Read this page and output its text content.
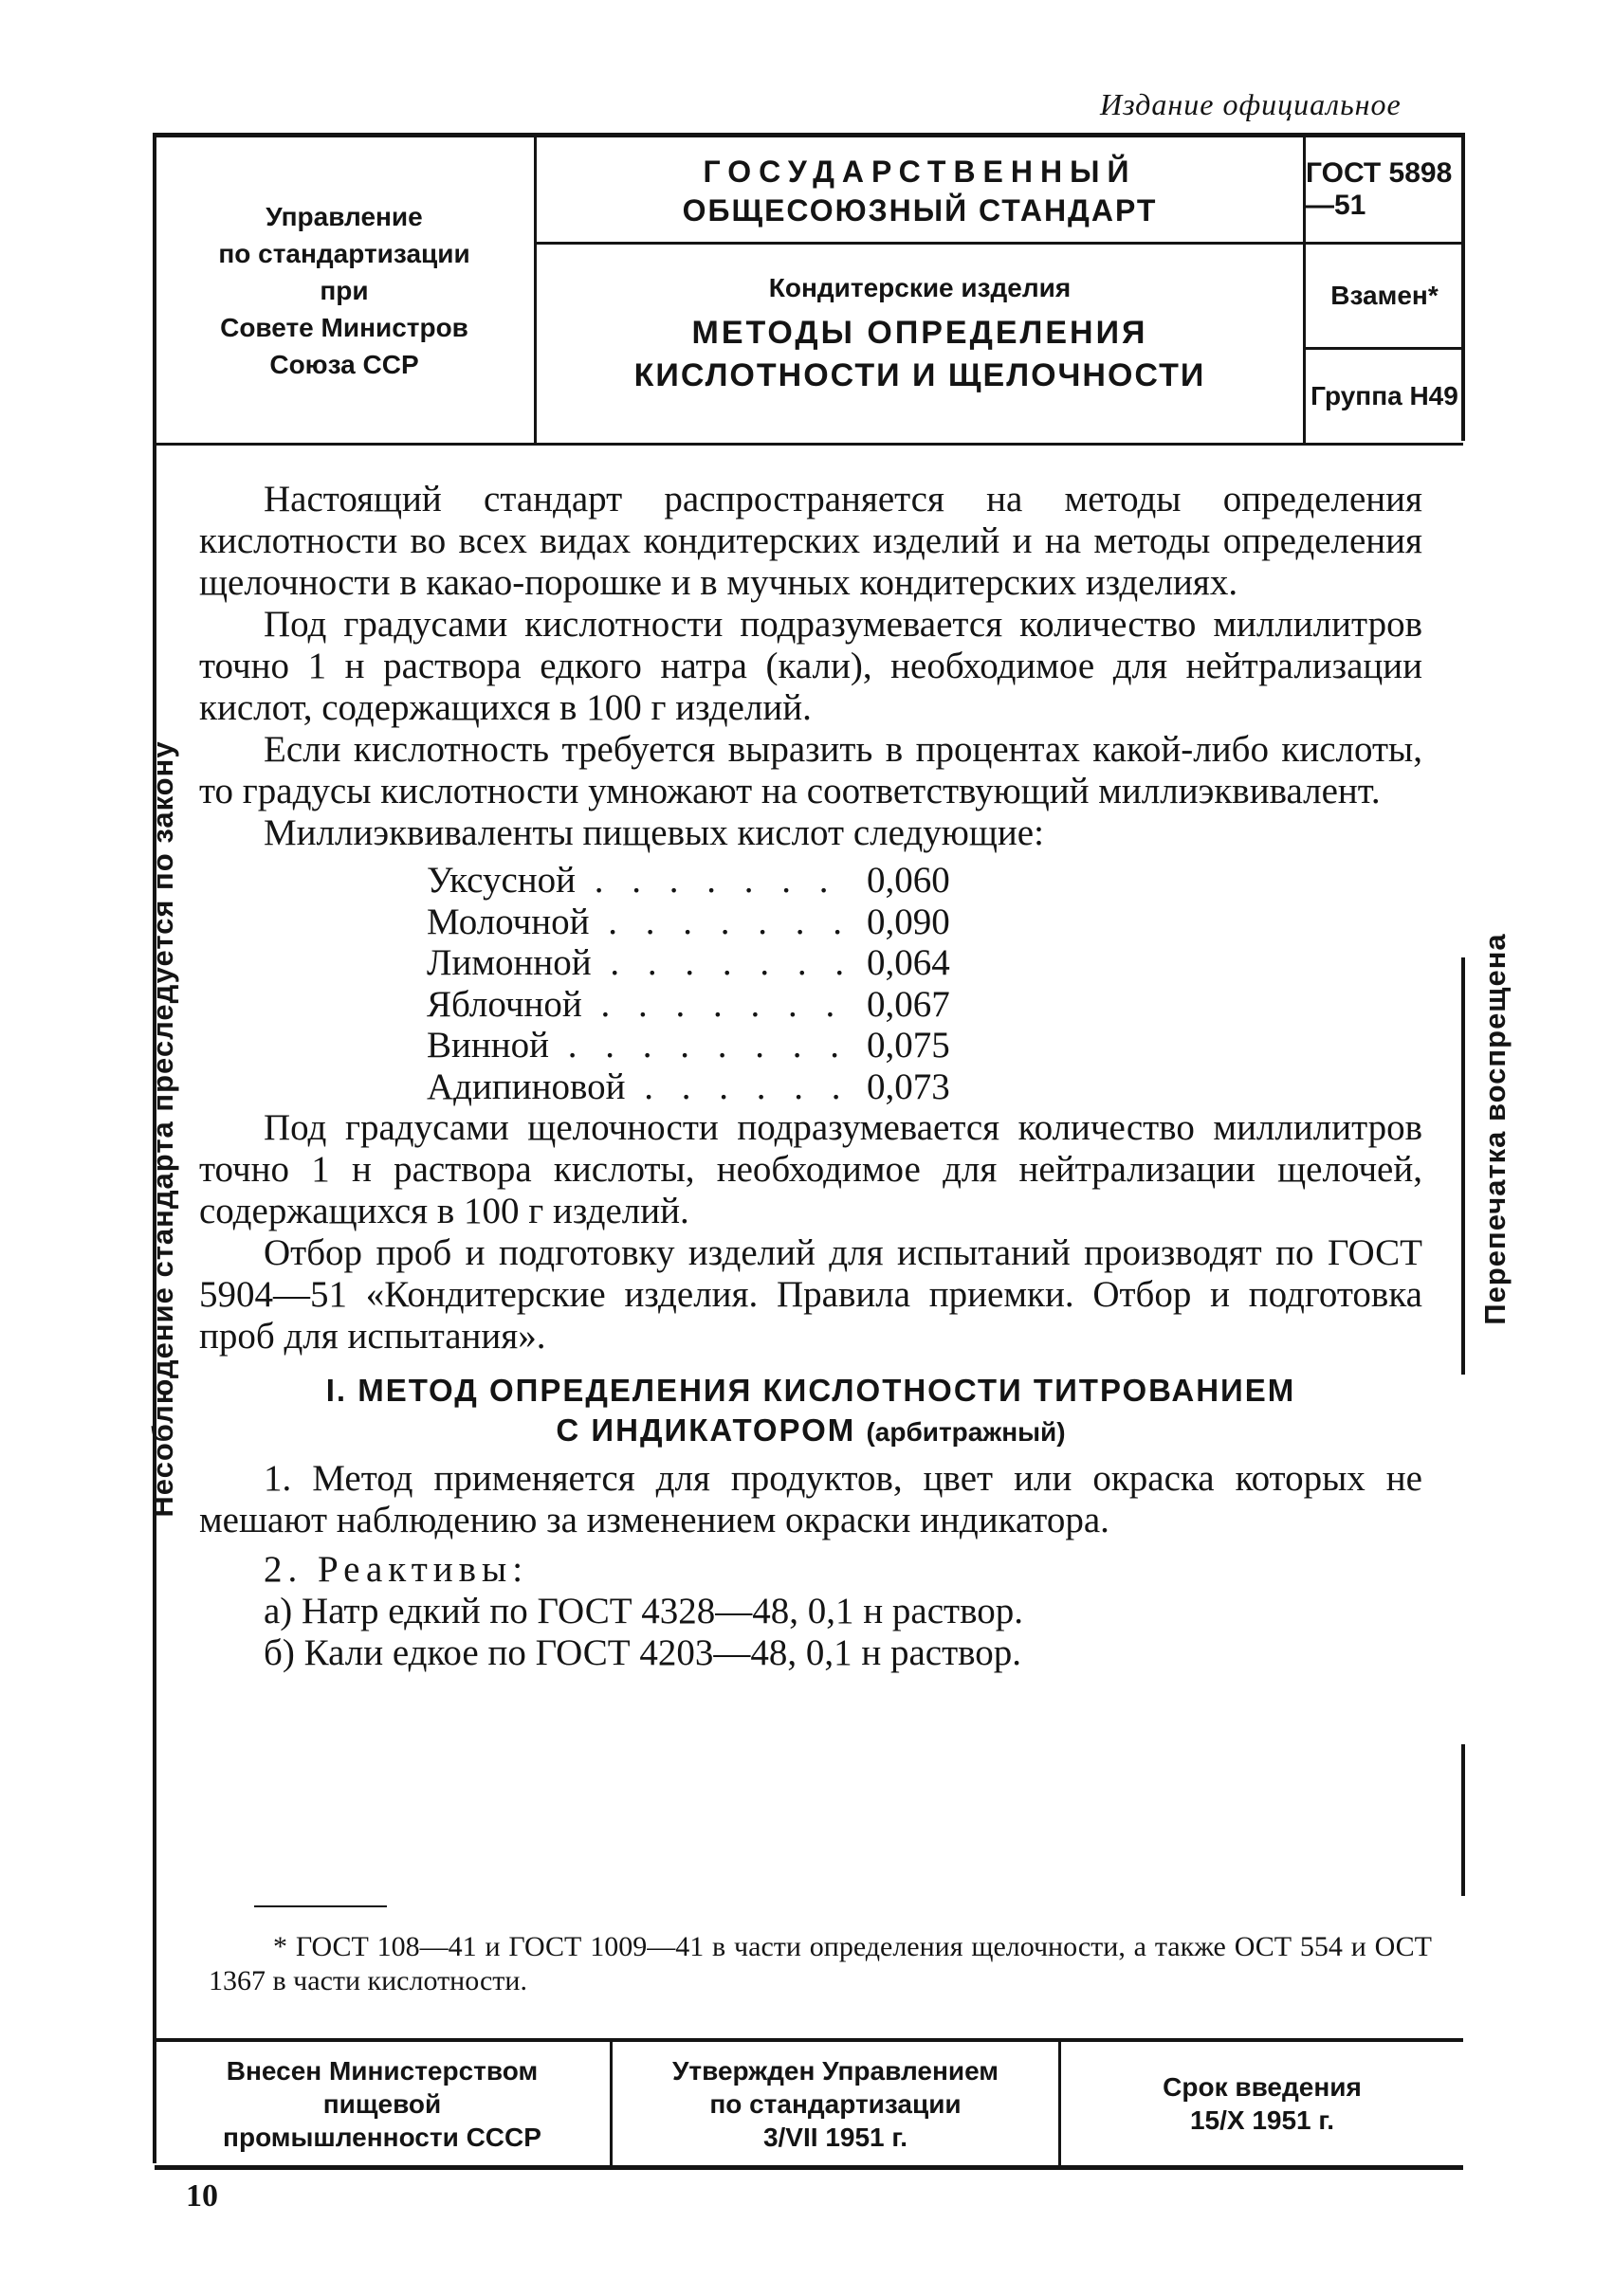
Издание официальное
Управление
по стандартизации
при
Совете Министров
Союза ССР
ГОСУДАРСТВЕННЫЙ
ОБЩЕСОЮЗНЫЙ СТАНДАРТ
Кондитерские изделия
МЕТОДЫ ОПРЕДЕЛЕНИЯ
КИСЛОТНОСТИ И ЩЕЛОЧНОСТИ
ГОСТ 5898—51
Взамен*
Группа Н49
Несоблюдение стандарта преследуется по закону	Перепечатка воспрещена

Настоящий стандарт распространяется на методы определения кислотности во всех видах кондитерских изделий и на методы определения щелочности в какао-порошке и в мучных кондитерских изделиях.

Под градусами кислотности подразумевается количество миллилитров точно 1 н раствора едкого натра (кали), необходимое для нейтрализации кислот, содержащихся в 100 г изделий.

Если кислотность требуется выразить в процентах какой-либо кислоты, то градусы кислотности умножают на соответствующий миллиэквивалент.

Миллиэквиваленты пищевых кислот следующие:

Уксусной . . .	0,060
Молочной . . .	0,090
Лимонной . . .	0,064
Яблочной . . .	0,067
Винной . . .	0,075
Адипиновой . . .	0,073

Под градусами щелочности подразумевается количество миллилитров точно 1 н раствора кислоты, необходимое для нейтрализации щелочей, содержащихся в 100 г изделий.

Отбор проб и подготовку изделий для испытаний производят по ГОСТ 5904—51 «Кондитерские изделия. Правила приемки. Отбор и подготовка проб для испытания».

I. МЕТОД ОПРЕДЕЛЕНИЯ КИСЛОТНОСТИ ТИТРОВАНИЕМ
С ИНДИКАТОРОМ (арбитражный)

1. Метод применяется для продуктов, цвет или окраска которых не мешают наблюдению за изменением окраски индикатора.

2. Реактивы:

а) Натр едкий по ГОСТ 4328—48, 0,1 н раствор.

б) Кали едкое по ГОСТ 4203—48, 0,1 н раствор.

* ГОСТ 108—41 и ГОСТ 1009—41 в части определения щелочности, а также ОСТ 554 и ОСТ 1367 в части кислотности.

Внесен Министерством
пищевой
промышленности СССР
Утвержден Управлением
по стандартизации
3/VII 1951 г.
Срок введения
15/X 1951 г.
10
